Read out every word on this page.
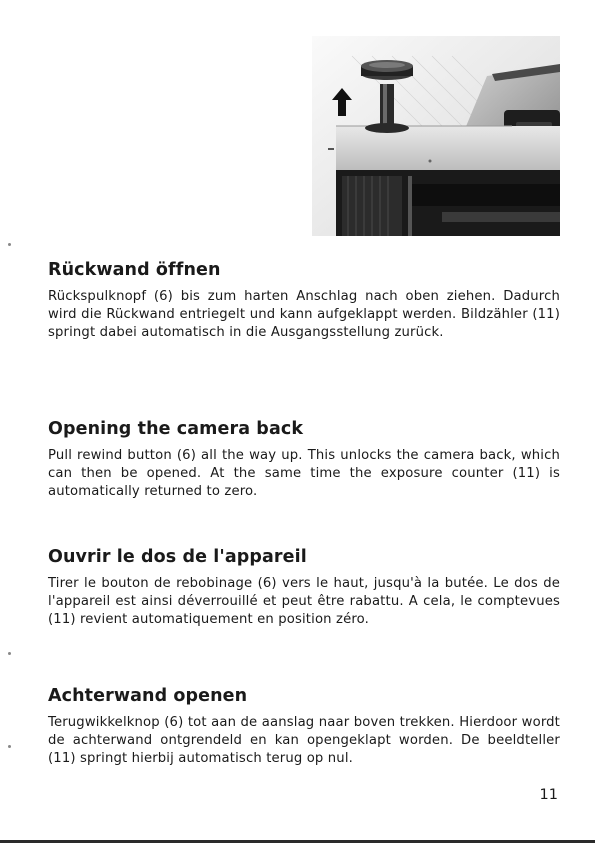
Rückwand öffnen

Rückspulknopf (6) bis zum harten Anschlag nach oben ziehen. Dadurch wird die Rückwand entriegelt und kann aufgeklappt werden. Bildzähler (11) springt dabei automatisch in die Ausgangsstellung zurück.

Opening the camera back

Pull rewind button (6) all the way up. This unlocks the camera back, which can then be opened. At the same time the exposure counter (11) is automatically returned to zero.

Ouvrir le dos de l'appareil

Tirer le bouton de rebobinage (6) vers le haut, jusqu'à la butée. Le dos de l'appareil est ainsi déverrouillé et peut être rabattu. A cela, le comptevues (11) revient automatiquement en position zéro.

Achterwand openen

Terugwikkelknop (6) tot aan de aanslag naar boven trekken. Hierdoor wordt de achterwand ontgrendeld en kan opengeklapt worden. De beeldteller (11) springt hierbij automatisch terug op nul.

11
